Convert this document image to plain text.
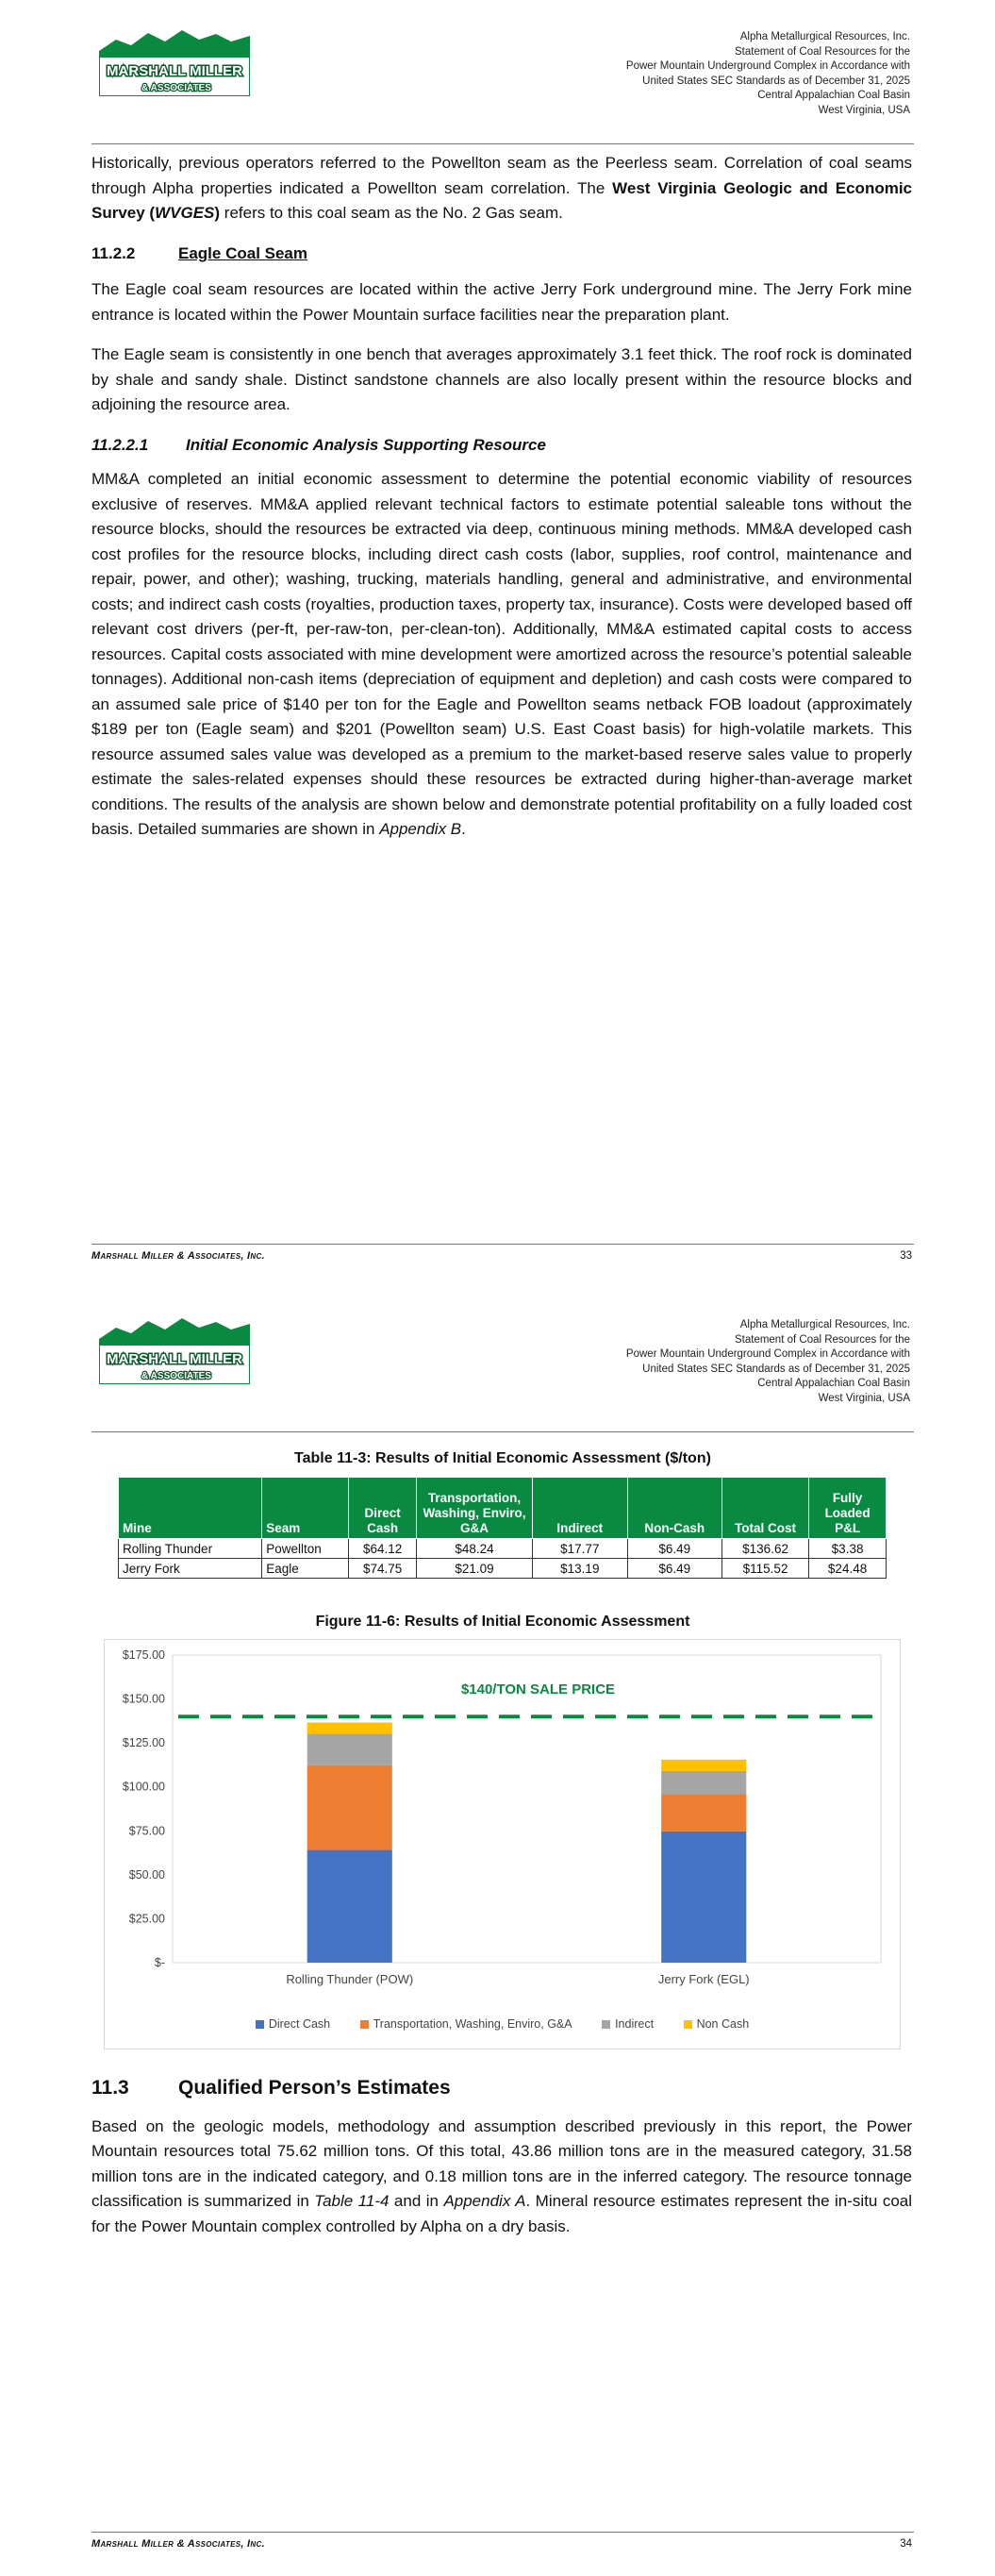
MARSHALL MILLER
& ASSOCIATES
Alpha Metallurgical Resources, Inc.
Statement of Coal Resources for the
Power Mountain Underground Complex in Accordance with
United States SEC Standards as of December 31, 2025
Central Appalachian Coal Basin
West Virginia, USA

Historically, previous operators referred to the Powellton seam as the Peerless seam. Correlation of coal seams through Alpha properties indicated a Powellton seam correlation. The West Virginia Geologic and Economic Survey (WVGES) refers to this coal seam as the No. 2 Gas seam.

11.2.2	Eagle Coal Seam

The Eagle coal seam resources are located within the active Jerry Fork underground mine. The Jerry Fork mine entrance is located within the Power Mountain surface facilities near the preparation plant.

The Eagle seam is consistently in one bench that averages approximately 3.1 feet thick. The roof rock is dominated by shale and sandy shale. Distinct sandstone channels are also locally present within the resource blocks and adjoining the resource area.

11.2.2.1 Initial Economic Analysis Supporting Resource

MM&A completed an initial economic assessment to determine the potential economic viability of resources exclusive of reserves. MM&A applied relevant technical factors to estimate potential saleable tons without the resource blocks, should the resources be extracted via deep, continuous mining methods. MM&A developed cash cost profiles for the resource blocks, including direct cash costs (labor, supplies, roof control, maintenance and repair, power, and other); washing, trucking, materials handling, general and administrative, and environmental costs; and indirect cash costs (royalties, production taxes, property tax, insurance). Costs were developed based off relevant cost drivers (per-ft, per-raw-ton, per-clean-ton). Additionally, MM&A estimated capital costs to access resources. Capital costs associated with mine development were amortized across the resource’s potential saleable tonnages). Additional non-cash items (depreciation of equipment and depletion) and cash costs were compared to an assumed sale price of $140 per ton for the Eagle and Powellton seams netback FOB loadout (approximately $189 per ton (Eagle seam) and $201 (Powellton seam) U.S. East Coast basis) for high-volatile markets. This resource assumed sales value was developed as a premium to the market-based reserve sales value to properly estimate the sales-related expenses should these resources be extracted during higher-than-average market conditions. The results of the analysis are shown below and demonstrate potential profitability on a fully loaded cost basis. Detailed summaries are shown in Appendix B.

Marshall Miller & Associates, Inc.	33
MARSHALL MILLER
& ASSOCIATES
Alpha Metallurgical Resources, Inc.
Statement of Coal Resources for the
Power Mountain Underground Complex in Accordance with
United States SEC Standards as of December 31, 2025
Central Appalachian Coal Basin
West Virginia, USA
Table 11-3: Results of Initial Economic Assessment ($/ton)
Mine	Seam	Direct Cash	Transportation, Washing, Enviro, G&A	Indirect	Non-Cash	Total Cost	Fully Loaded P&L
Rolling Thunder	Powellton	$64.12	$48.24	$17.77	$6.49	$136.62	$3.38
Jerry Fork	Eagle	$74.75	$21.09	$13.19	$6.49	$115.52	$24.48
Figure 11-6: Results of Initial Economic Assessment
$-
$25.00
$50.00
$75.00
$100.00
$125.00
$150.00
$175.00
Rolling Thunder (POW)	Jerry Fork (EGL)
$140/TON SALE PRICE
Direct Cash	Transportation, Washing, Enviro, G&A	Indirect	Non Cash
11.3 Qualified Person’s Estimates

Based on the geologic models, methodology and assumption described previously in this report, the Power Mountain resources total 75.62 million tons. Of this total, 43.86 million tons are in the measured category, 31.58 million tons are in the indicated category, and 0.18 million tons are in the inferred category. The resource tonnage classification is summarized in Table 11-4 and in Appendix A. Mineral resource estimates represent the in-situ coal for the Power Mountain complex controlled by Alpha on a dry basis.

Marshall Miller & Associates, Inc.	34
